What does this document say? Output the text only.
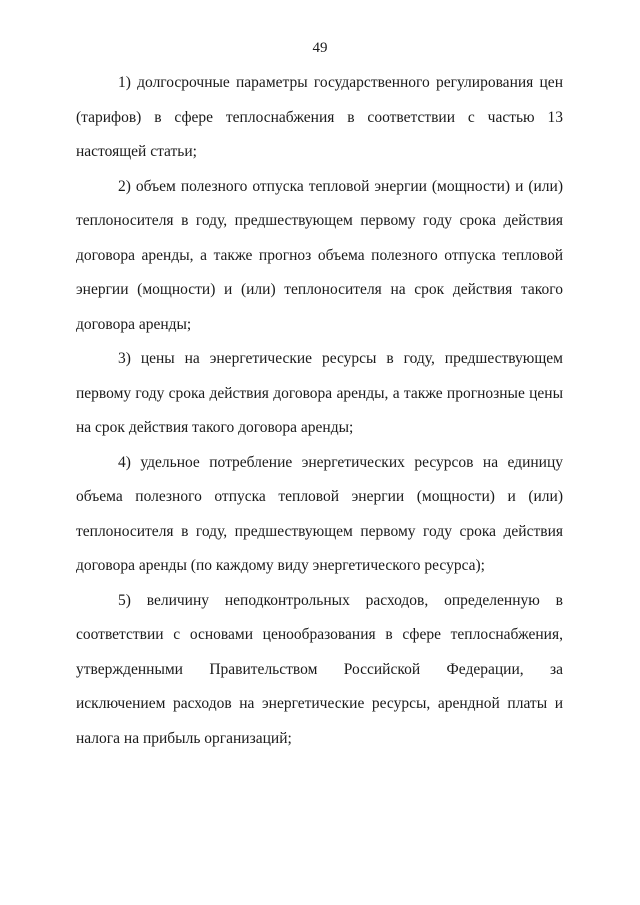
49

1) долгосрочные параметры государственного регулирования цен (тарифов) в сфере теплоснабжения в соответствии с частью 13 настоящей статьи;

2) объем полезного отпуска тепловой энергии (мощности) и (или) теплоносителя в году, предшествующем первому году срока действия договора аренды, а также прогноз объема полезного отпуска тепловой энергии (мощности) и (или) теплоносителя на срок действия такого договора аренды;

3) цены на энергетические ресурсы в году, предшествующем первому году срока действия договора аренды, а также прогнозные цены на срок действия такого договора аренды;

4) удельное потребление энергетических ресурсов на единицу объема полезного отпуска тепловой энергии (мощности) и (или) теплоносителя в году, предшествующем первому году срока действия договора аренды (по каждому виду энергетического ресурса);

5) величину неподконтрольных расходов, определенную в соответствии с основами ценообразования в сфере теплоснабжения, утвержденными Правительством Российской Федерации, за исключением расходов на энергетические ресурсы, арендной платы и налога на прибыль организаций;
